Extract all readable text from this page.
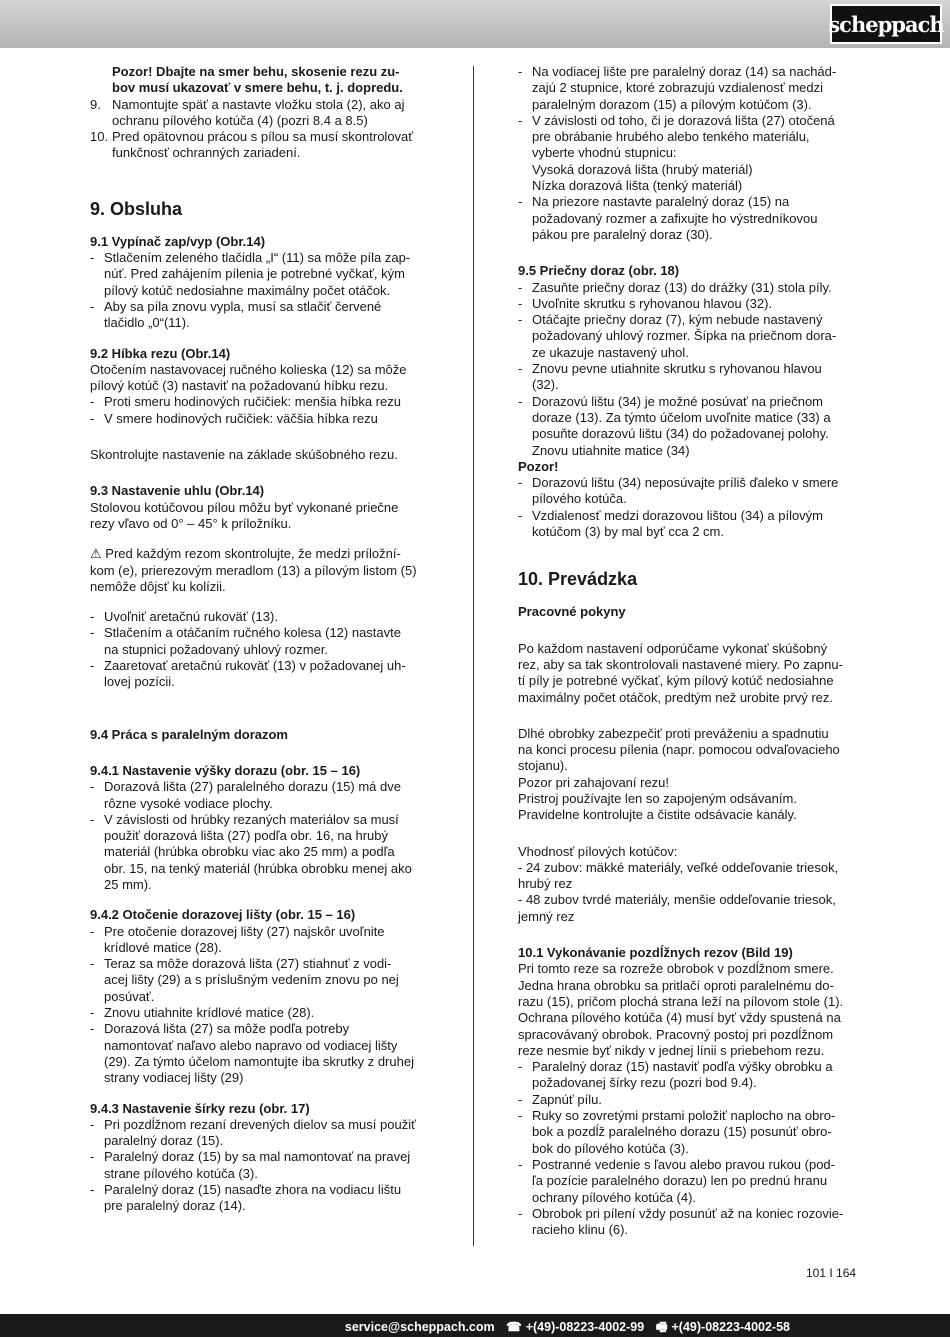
scheppach
Pozor! Dbajte na smer behu, skosenie rezu zu-
bov musí ukazovať v smere behu, t. j. dopredu.
9. Namontujte späť a nastavte vložku stola (2), ako aj
ochranu pílového kotúča (4) (pozri 8.4 a 8.5)
10. Pred opätovnou prácou s pílou sa musí skontrolovať
funkčnosť ochranných zariadení.

9. Obsluha

9.1 Vypínač zap/vyp (Obr.14)

- Stlačením zeleného tlačidla „I“ (11) sa môže píla zap-
núť. Pred zahájením pílenia je potrebné vyčkať, kým
pílový kotúč nedosiahne maximálny počet otáčok.
- Aby sa píla znovu vypla, musí sa stlačiť červené
tlačidlo „0“(11).

9.2 Híbka rezu (Obr.14)

Otočením nastavovacej ručného kolieska (12) sa môže
pílový kotúč (3) nastaviť na požadovanú híbku rezu.
- Proti smeru hodinových ručičiek: menšia híbka rezu
- V smere hodinových ručičiek: väčšia híbka rezu

Skontrolujte nastavenie na základe skúšobného rezu.

9.3 Nastavenie uhlu (Obr.14)

Stolovou kotúčovou pílou môžu byť vykonané priečne
rezy vľavo od 0° – 45° k príložníku.
⚠ Pred každým rezom skontrolujte, že medzi príložní-
kom (e), prierezovým meradlom (13) a pílovým listom (5)
nemôže dôjsť ku kolízii.
- Uvoľniť aretačnú rukoväť (13).
- Stlačením a otáčaním ručného kolesa (12) nastavte
na stupnici požadovaný uhlový rozmer.
- Zaaretovať aretačnú rukoväť (13) v požadovanej uh-
lovej pozícii.

9.4 Práca s paralelným dorazom

9.4.1 Nastavenie výšky dorazu (obr. 15 – 16)

- Dorazová lišta (27) paralelného dorazu (15) má dve
rôzne vysoké vodiace plochy.
- V závislosti od hrúbky rezaných materiálov sa musí
použiť dorazová lišta (27) podľa obr. 16, na hrubý
materiál (hrúbka obrobku viac ako 25 mm) a podľa
obr. 15, na tenký materiál (hrúbka obrobku menej ako
25 mm).

9.4.2 Otočenie dorazovej lišty (obr. 15 – 16)

- Pre otočenie dorazovej lišty (27) najskôr uvoľnite
krídlové matice (28).
- Teraz sa môže dorazová lišta (27) stiahnuť z vodi-
acej lišty (29) a s príslušným vedením znovu po nej
posúvať.
- Znovu utiahnite krídlové matice (28).
- Dorazová lišta (27) sa môže podľa potreby
namontovať naľavo alebo napravo od vodiacej lišty
(29). Za týmto účelom namontujte iba skrutky z druhej
strany vodiacej lišty (29)

9.4.3 Nastavenie šírky rezu (obr. 17)

- Pri pozdĺžnom rezaní drevených dielov sa musí použiť
paralelný doraz (15).
- Paralelný doraz (15) by sa mal namontovať na pravej
strane pílového kotúča (3).
- Paralelný doraz (15) nasaďte zhora na vodiacu lištu
pre paralelný doraz (14).
- Na vodiacej lište pre paralelný doraz (14) sa nachád-
zajú 2 stupnice, ktoré zobrazujú vzdialenosť medzi
paralelným dorazom (15) a pílovým kotúčom (3).
- V závislosti od toho, či je dorazová lišta (27) otočená
pre obrábanie hrubého alebo tenkého materiálu,
vyberte vhodnú stupnicu:
Vysoká dorazová lišta (hrubý materiál)
Nízka dorazová lišta (tenký materiál)
- Na priezore nastavte paralelný doraz (15) na
požadovaný rozmer a zafixujte ho výstredníkovou
pákou pre paralelný doraz (30).

9.5 Priečny doraz (obr. 18)

- Zasuňte priečny doraz (13) do drážky (31) stola píly.
- Uvoľnite skrutku s ryhovanou hlavou (32).
- Otáčajte priečny doraz (7), kým nebude nastavený
požadovaný uhlový rozmer. Šípka na priečnom dora-
ze ukazuje nastavený uhol.
- Znovu pevne utiahnite skrutku s ryhovanou hlavou
(32).
- Dorazovú lištu (34) je možné posúvať na priečnom
doraze (13). Za týmto účelom uvoľnite matice (33) a
posuňte dorazovú lištu (34) do požadovanej polohy.
Znovu utiahnite matice (34)

Pozor!

- Dorazovú lištu (34) neposúvajte príliš ďaleko v smere
pílového kotúča.
- Vzdialenosť medzi dorazovou lištou (34) a pílovým
kotúčom (3) by mal byť cca 2 cm.

10. Prevádzka

Pracovné pokyny

Po každom nastavení odporúčame vykonať skúšobný
rez, aby sa tak skontrolovali nastavené miery. Po zapnu-
tí píly je potrebné vyčkať, kým pílový kotúč nedosiahne
maximálny počet otáčok, predtým než urobite prvý rez.
Dlhé obrobky zabezpečiť proti preváženiu a spadnutiu
na konci procesu pílenia (napr. pomocou odvaľovacieho
stojanu).
Pozor pri zahajovaní rezu!
Pristroj používajte len so zapojeným odsávaním.
Pravidelne kontrolujte a čistite odsávacie kanály.
Vhodnosť pílových kotúčov:
- 24 zubov: mäkké materiály, veľké oddeľovanie triesok,
hrubý rez
- 48 zubov tvrdé materiály, menšie oddeľovanie triesok,
jemný rez

10.1 Vykonávanie pozdĺžnych rezov (Bild 19)

Pri tomto reze sa rozreže obrobok v pozdĺžnom smere.
Jedna hrana obrobku sa pritlačí oproti paralelnému do-
razu (15), pričom plochá strana leží na pílovom stole (1).
Ochrana pílového kotúča (4) musí byť vždy spustená na
spracovávaný obrobok. Pracovný postoj pri pozdĺžnom
reze nesmie byť nikdy v jednej línii s priebehom rezu.
- Paralelný doraz (15) nastaviť podľa výšky obrobku a
požadovanej šírky rezu (pozri bod 9.4).
- Zapnúť pílu.
- Ruky so zovretými prstami položiť naplocho na obro-
bok a pozdĺž paralelného dorazu (15) posunúť obro-
bok do pílového kotúča (3).
- Postranné vedenie s ľavou alebo pravou rukou (pod-
ľa pozície paralelného dorazu) len po prednú hranu
ochrany pílového kotúča (4).
- Obrobok pri pílení vždy posunúť až na koniec rozovie-
racieho klinu (6).
101 I 164
service@scheppach.com ☎ +(49)-08223-4002-99 🖷 +(49)-08223-4002-58
